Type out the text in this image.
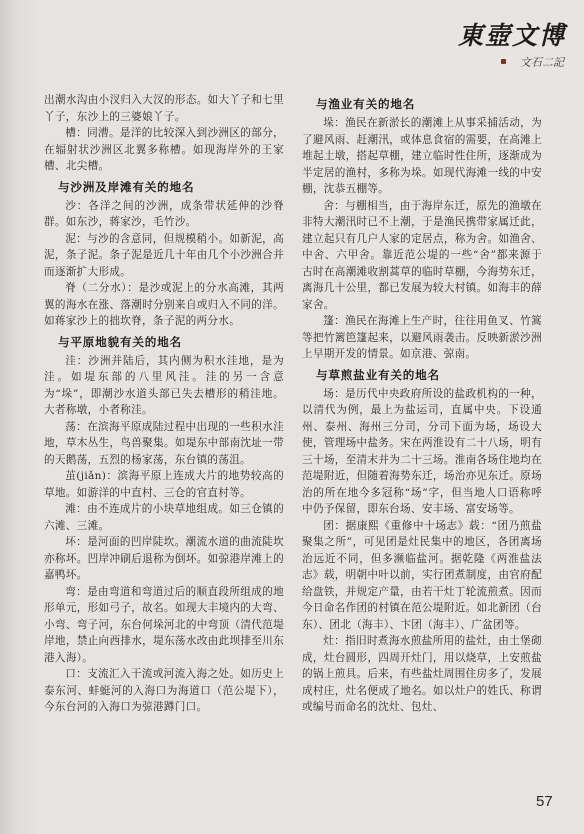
東壺文博
文石二記

出潮水沟由小汊归入大汊的形态。如大丫子和七里丫子，东沙上的三婆娘丫子。

槽：同漕。是洋的比较深入到沙洲区的部分，在辐射状沙洲区北翼多称槽。如现海岸外的王家槽、北尖槽。

与沙洲及岸滩有关的地名

沙：各洋之间的沙洲，成条带状延伸的沙脊群。如东沙，蒋家沙，毛竹沙。

泥：与沙的含意同，但规模稍小。如新泥，高泥，条子泥。条子泥是近几十年由几个小沙洲合并而逐渐扩大形成。

脊（二分水）：是沙或泥上的分水高滩，其两翼的海水在涨、落潮时分别来自或归入不同的洋。如蒋家沙上的拙坎脊，条子泥的两分水。

与平原地貌有关的地名

洼：沙洲并陆后，其内侧为积水洼地，是为洼。如堤东部的八里风洼。洼的另一含意为“垛”，即潮沙水道头部已失去槽形的稍洼地。大者称墩，小者称洼。

荡：在滨海平原成陆过程中出现的一些积水洼地，草木丛生，鸟兽聚集。如堤东中部南沈址一带的天鹅荡，五烈的杨家荡，东台镇的荡沮。

茧(jiǎn)：滨海平原上连成大片的地势较高的草地。如游洋的中直村、三仓的官直村等。

滩：由不连成片的小块草地组成。如三仓镇的六滩、三滩。

坏：是河面的凹岸陡坎。潮流水道的曲流陡坎亦称坏。凹岸冲刷后退称为倒坏。如弶港岸滩上的嘉鸭坏。

弯：是由弯道和弯道过后的顺直段所组成的地形单元，形如弓子，故名。如现大丰境内的大弯、小弯、弯子河，东台何垛河北的中弯顶（清代范堤岸地，禁止向西排水，堤东荡水改由此坝排至川东港入海）。

口：支流汇入干流或河流入海之处。如历史上泰东河、蚌蜓河的入海口为海道口（范公堤下），今东台河的入海口为弶港蹲门口。

与渔业有关的地名

垛：渔民在新淤长的潮滩上从事采捕活动，为了避风雨、赶潮汛，或体息食宿的需要，在高滩上堆起土墩，搭起草棚，建立临时性住所，逐渐成为半定居的渔村，多称为垛。如现代海滩一线的中安棚，沈恭五棚等。

舍：与棚相当，由于海岸东迁，原先的渔墩在非特大潮汛时已不上潮，于是渔民携带家属迁此，建立起只有几户人家的定居点，称为舍。如渔舍、中舍、六甲舍。靠近范公堤的一些“舍”都来源于古时在高潮滩收割蒿草的临时草棚，今海势东迁，离海几十公里，都已发展为较大村镇。如海丰的薛家舍。

篷：渔民在海滩上生产时，往往用鱼叉、竹篙等把竹篱笆篷起来，以避风雨袭击。反映新淤沙洲上早期开发的情景。如京港、弶南。

与草煎盐业有关的地名

场：是历代中央政府所设的盐政机构的一种，以清代为例，最上为盐运司，直属中央。下设通州、泰州、海州三分司，分司下面为场，场设大使，管理场中盐务。宋在两淮设有二十八场，明有三十场，至清末并为二十三场。淮南各场住地均在范堤附近，但随着海势东迁，场治亦见东迁。原场治的所在地今多冠称“场”字，但当地人口语称呼中仍予保留，即东台场、安丰场、富安场等。

团：据康熙《重修中十场志》载：“团乃煎盐聚集之所”，可见团是灶民集中的地区，各团离场治远近不同，但多濒临盐河。据乾隆《两淮盐法志》载，明朝中叶以前，实行团煮制度，由官府配给盘铁，并规定产量，由若干灶丁轮流煎煮。因而今日命名作团的村镇在范公堤附近。如北新团（台东）、团北（海丰）、卞团（海丰）、广盆团等。

灶：指旧时煮海水煎盐所用的盐灶，由土堡砌成，灶台圆形，四周开灶门，用以烧草，上安煎盐的锅上煎具。后来，有些盐灶周围住房多了，发展成村庄，灶名便成了地名。如以灶户的姓氏、称谓或编号而命名的沈灶、包灶、

57
